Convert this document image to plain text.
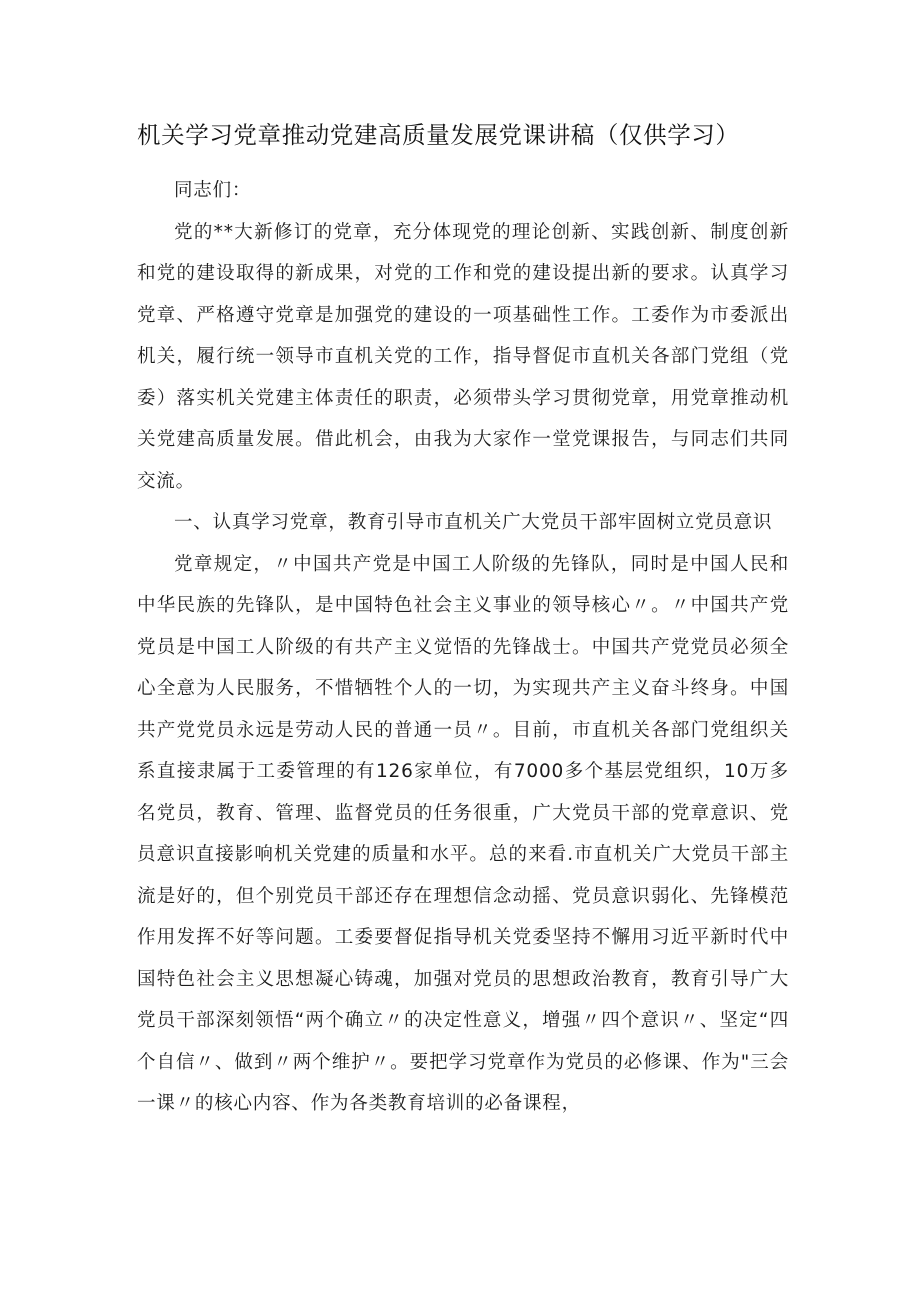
机关学习党章推动党建高质量发展党课讲稿（仅供学习）

同志们：

党的**大新修订的党章，充分体现党的理论创新、实践创新、制度创新和党的建设取得的新成果，对党的工作和党的建设提出新的要求。认真学习党章、严格遵守党章是加强党的建设的一项基础性工作。工委作为市委派出机关，履行统一领导市直机关党的工作，指导督促市直机关各部门党组（党委）落实机关党建主体责任的职责，必须带头学习贯彻党章，用党章推动机关党建高质量发展。借此机会，由我为大家作一堂党课报告，与同志们共同交流。

一、认真学习党章，教育引导市直机关广大党员干部牢固树立党员意识

党章规定，〃中国共产党是中国工人阶级的先锋队，同时是中国人民和中华民族的先锋队，是中国特色社会主义事业的领导核心〃。〃中国共产党党员是中国工人阶级的有共产主义觉悟的先锋战士。中国共产党党员必须全心全意为人民服务，不惜牺牲个人的一切，为实现共产主义奋斗终身。中国共产党党员永远是劳动人民的普通一员〃。目前，市直机关各部门党组织关系直接隶属于工委管理的有126家单位，有7000多个基层党组织，10万多名党员，教育、管理、监督党员的任务很重，广大党员干部的党章意识、党员意识直接影响机关党建的质量和水平。总的来看.市直机关广大党员干部主流是好的，但个别党员干部还存在理想信念动摇、党员意识弱化、先锋模范作用发挥不好等问题。工委要督促指导机关党委坚持不懈用习近平新时代中国特色社会主义思想凝心铸魂，加强对党员的思想政治教育，教育引导广大党员干部深刻领悟“两个确立〃的决定性意义，增强〃四个意识〃、坚定“四个自信〃、做到〃两个维护〃。要把学习党章作为党员的必修课、作为"三会一课〃的核心内容、作为各类教育培训的必备课程，
